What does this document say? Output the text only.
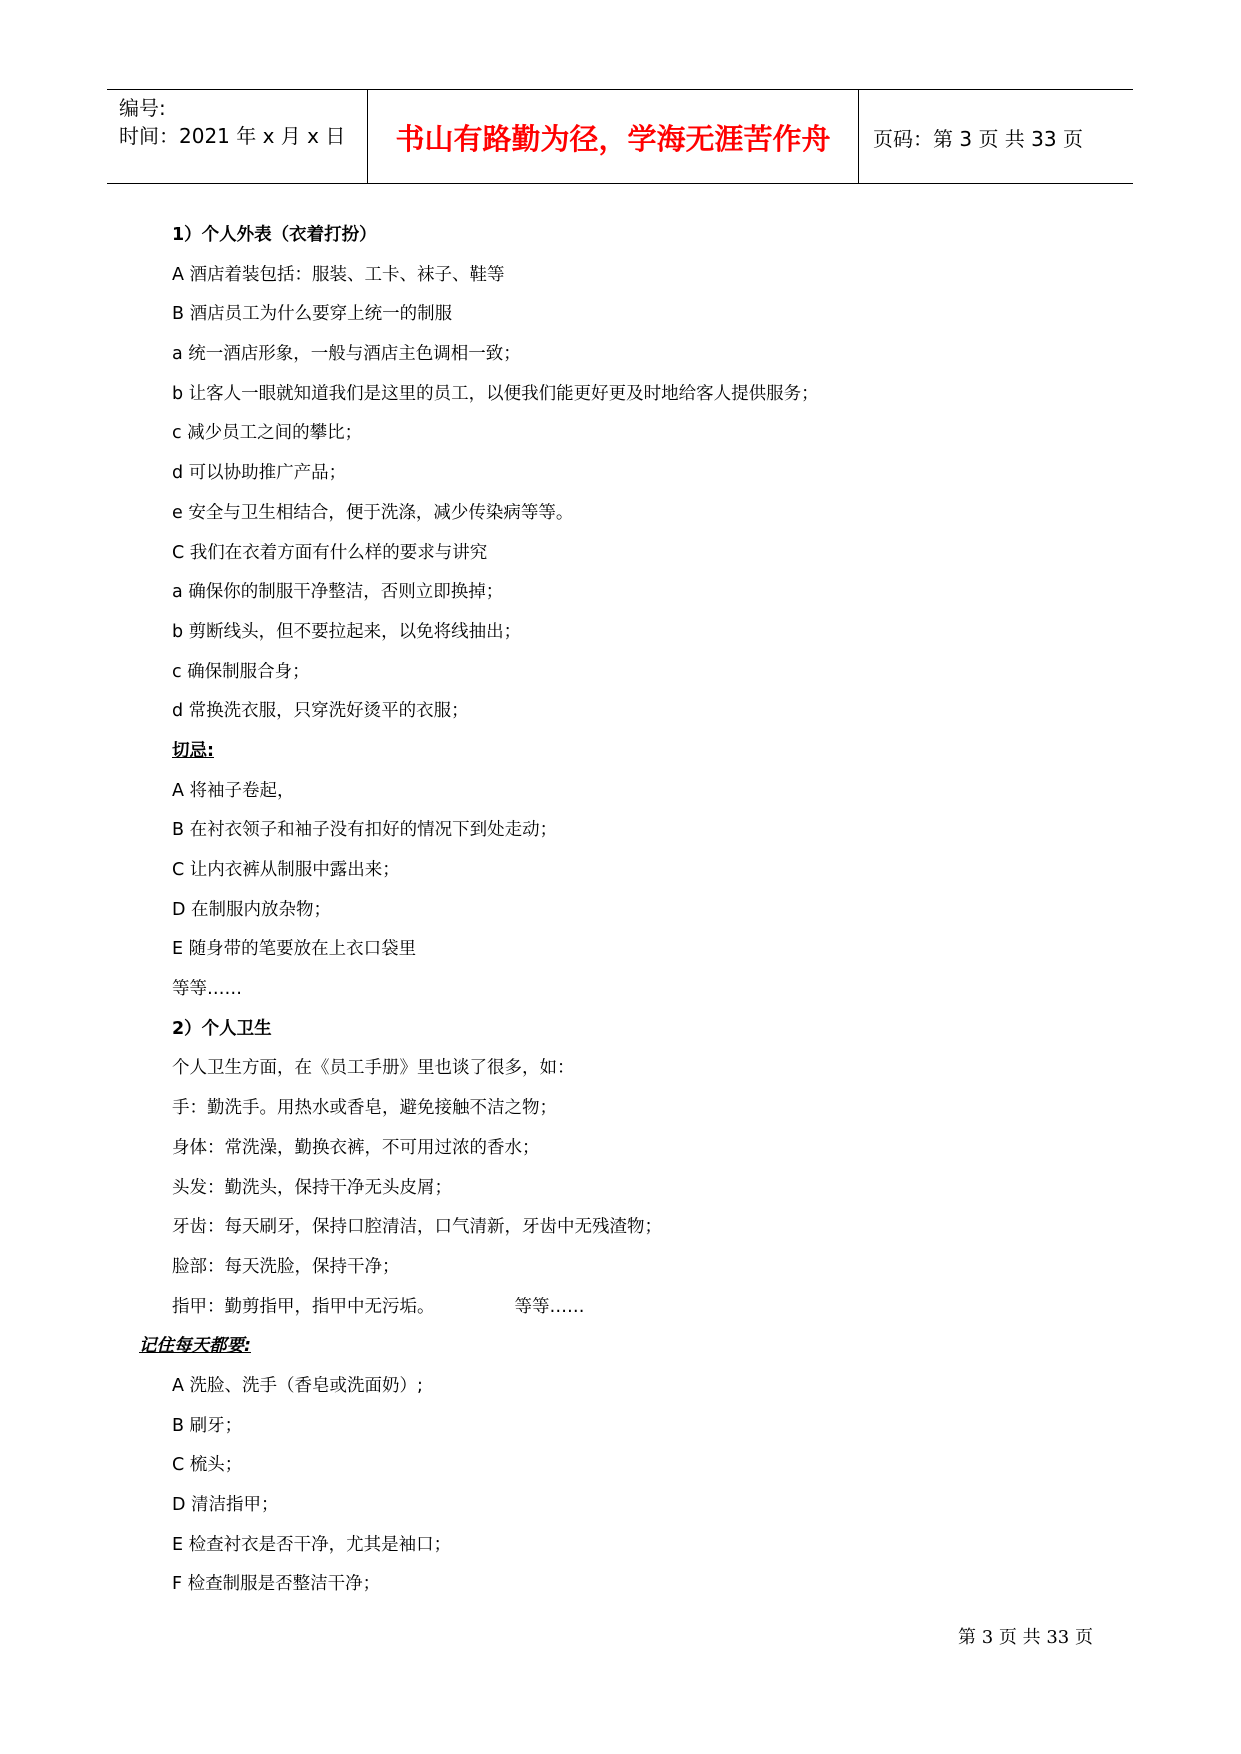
编号:
时间：2021 年 x 月 x 日	书山有路勤为径，学海无涯苦作舟	页码：第 3 页 共 33 页
1）个人外表（衣着打扮）
A 酒店着装包括：服装、工卡、袜子、鞋等
B 酒店员工为什么要穿上统一的制服
a 统一酒店形象，一般与酒店主色调相一致；
b 让客人一眼就知道我们是这里的员工，以便我们能更好更及时地给客人提供服务；
c 减少员工之间的攀比；
d 可以协助推广产品；
e 安全与卫生相结合，便于洗涤，减少传染病等等。
C 我们在衣着方面有什么样的要求与讲究
a 确保你的制服干净整洁，否则立即换掉；
b 剪断线头，但不要拉起来，以免将线抽出；
c 确保制服合身；
d 常换洗衣服，只穿洗好烫平的衣服；
切忌:
A 将袖子卷起，
B 在衬衣领子和袖子没有扣好的情况下到处走动；
C 让内衣裤从制服中露出来；
D 在制服内放杂物；
E 随身带的笔要放在上衣口袋里
等等……
2）个人卫生
个人卫生方面，在《员工手册》里也谈了很多，如：
手：勤洗手。用热水或香皂，避免接触不洁之物；
身体：常洗澡，勤换衣裤，不可用过浓的香水；
头发：勤洗头，保持干净无头皮屑；
牙齿：每天刷牙，保持口腔清洁，口气清新，牙齿中无残渣物；
脸部：每天洗脸，保持干净；
指甲：勤剪指甲，指甲中无污垢。	等等……
记住每天都要:
A 洗脸、洗手（香皂或洗面奶）;
B 刷牙；
C 梳头；
D 清洁指甲；
E 检查衬衣是否干净，尤其是袖口；
F 检查制服是否整洁干净；
第 3 页 共 33 页
